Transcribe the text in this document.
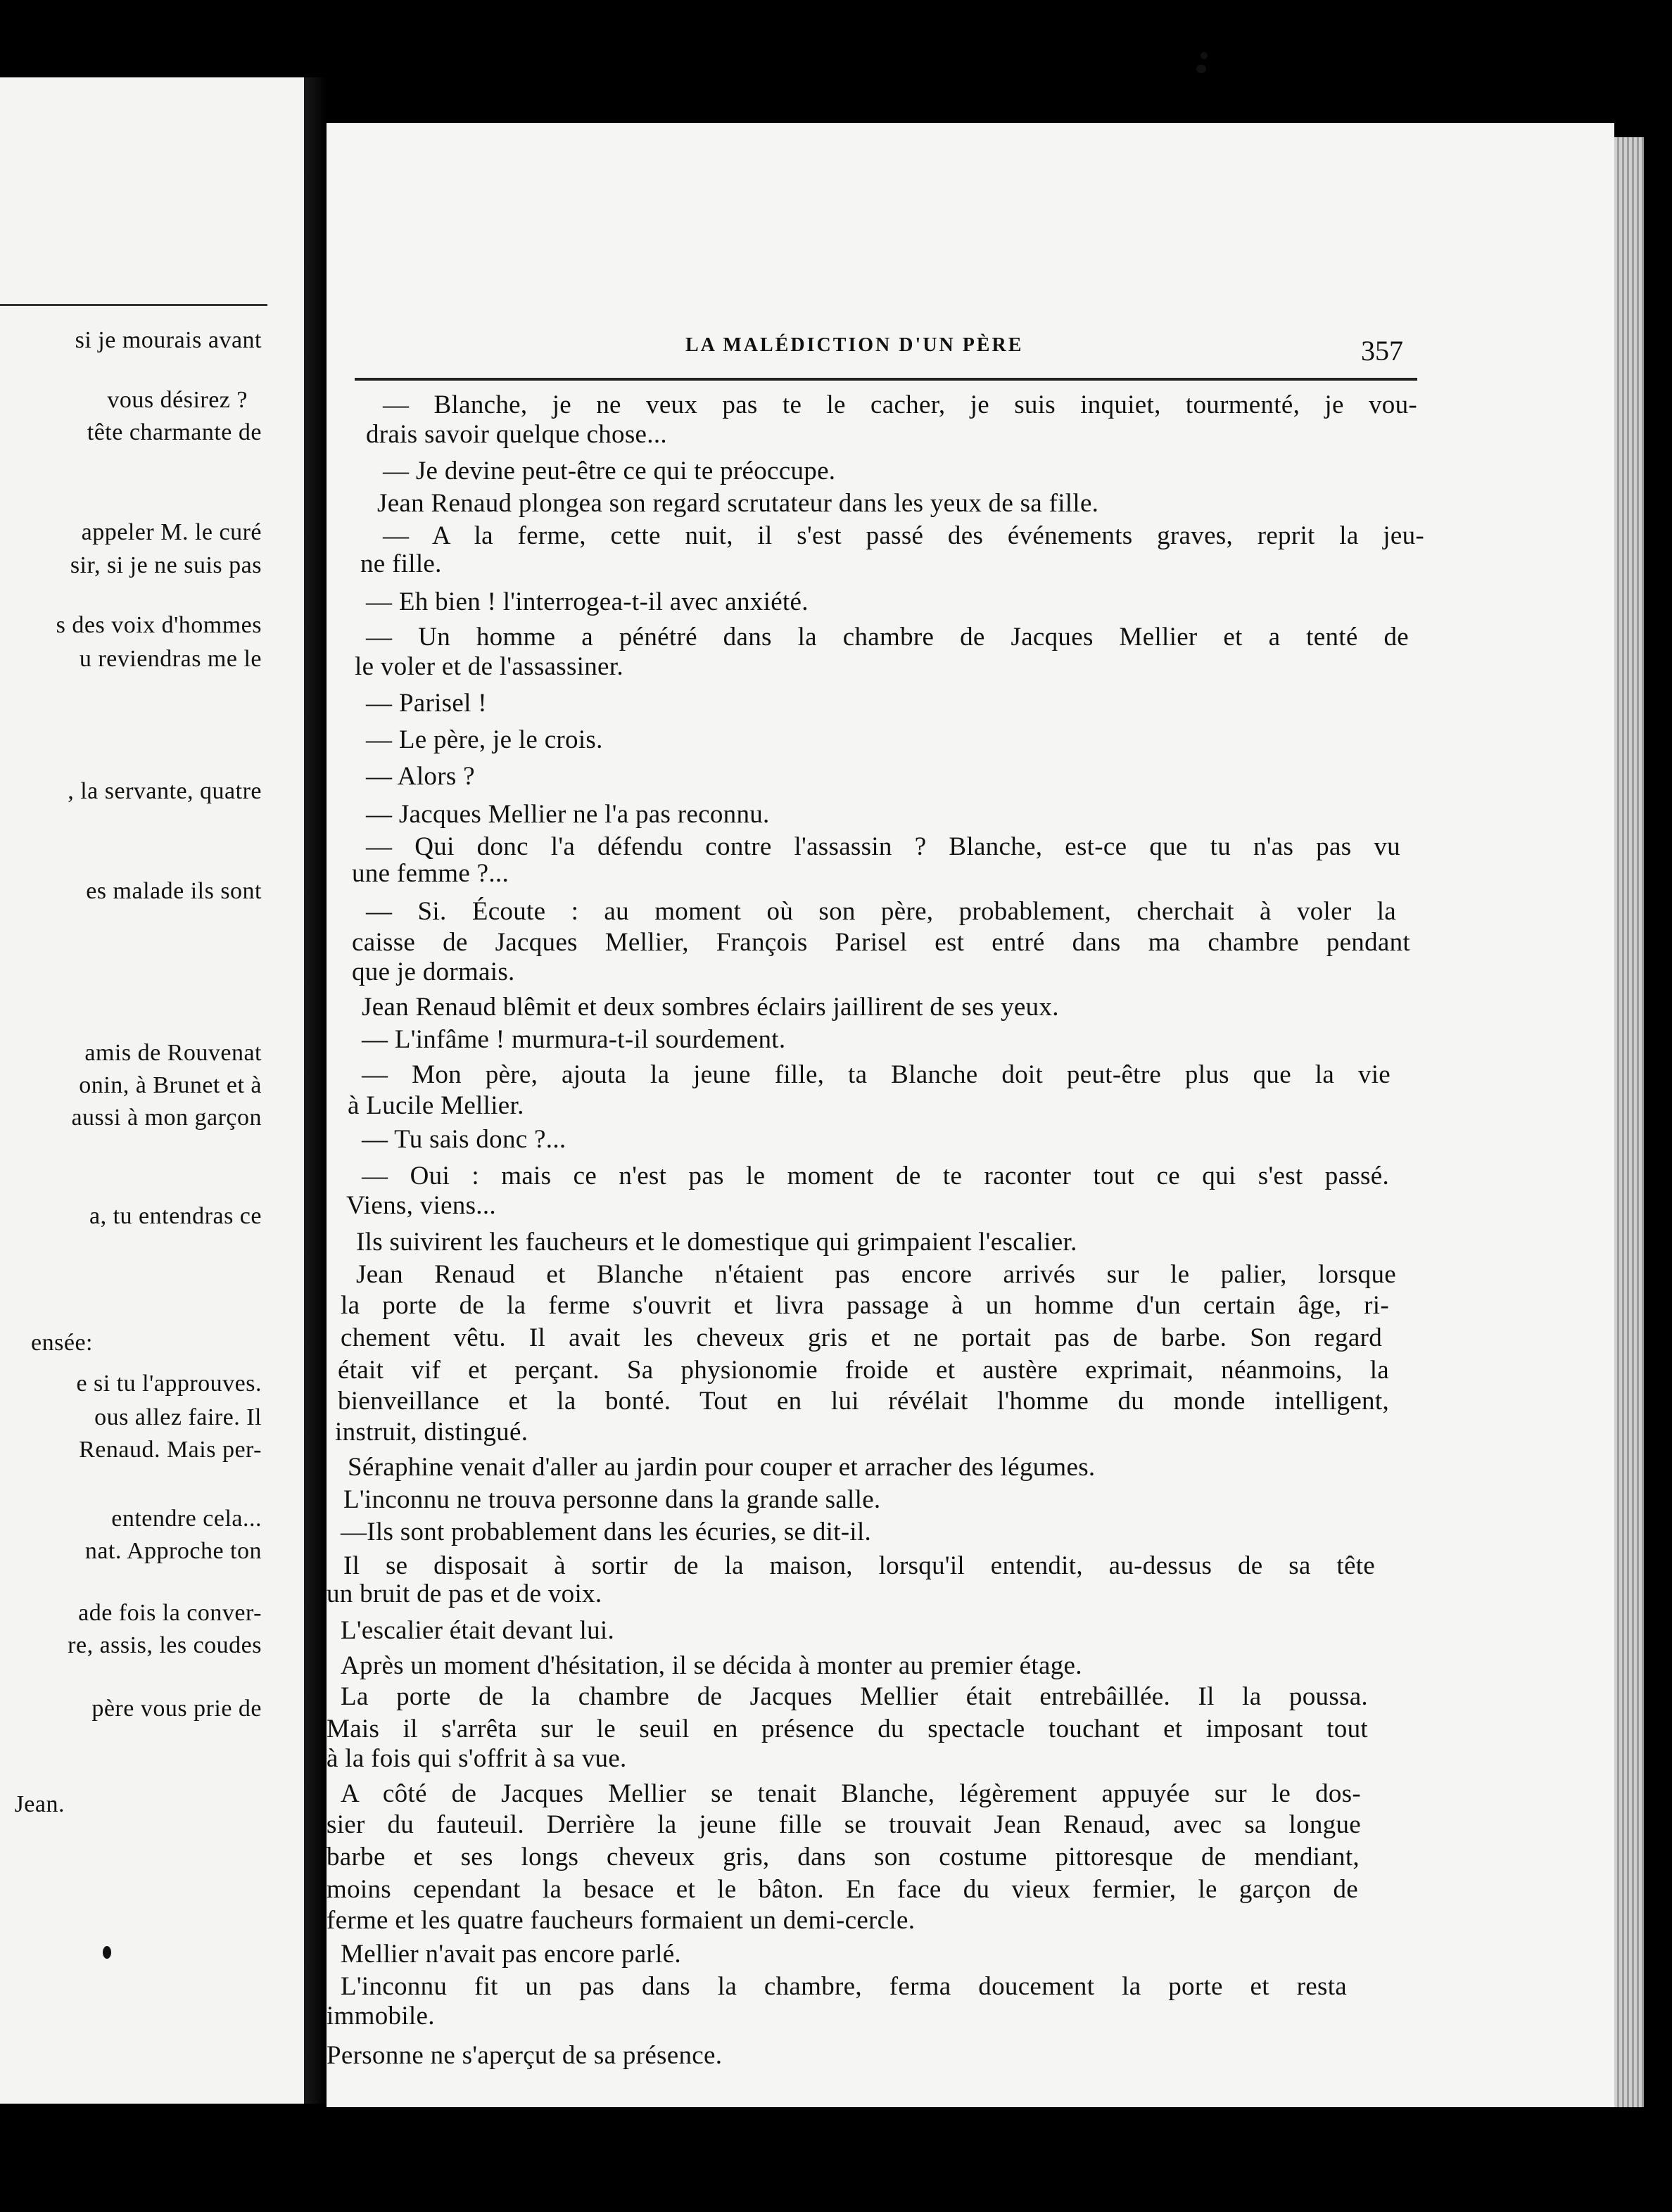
si je mourais avant
vous désirez ?
tête charmante de
appeler M. le curé
sir, si je ne suis pas
s des voix d'hommes
u reviendras me le
, la servante, quatre
es malade ils sont
amis de Rouvenat
onin, à Brunet et à
aussi à mon garçon
a, tu entendras ce
ensée:
e si tu l'approuves.
ous allez faire. Il
Renaud. Mais per-
entendre cela...
nat. Approche ton
ade fois la conver-
re, assis, les coudes
père vous prie de
Jean.
LA MALÉDICTION D'UN PÈRE	357
— Blanche, je ne veux pas te le cacher, je suis inquiet, tourmenté, je vou-
drais savoir quelque chose...
— Je devine peut-être ce qui te préoccupe.
Jean Renaud plongea son regard scrutateur dans les yeux de sa fille.
— A la ferme, cette nuit, il s'est passé des événements graves, reprit la jeu-
ne fille.
— Eh bien ! l'interrogea-t-il avec anxiété.
— Un homme a pénétré dans la chambre de Jacques Mellier et a tenté de
le voler et de l'assassiner.
— Parisel !
— Le père, je le crois.
— Alors ?
— Jacques Mellier ne l'a pas reconnu.
— Qui donc l'a défendu contre l'assassin ? Blanche, est-ce que tu n'as pas vu
une femme ?...
— Si. Écoute : au moment où son père, probablement, cherchait à voler la
caisse de Jacques Mellier, François Parisel est entré dans ma chambre pendant
que je dormais.
Jean Renaud blêmit et deux sombres éclairs jaillirent de ses yeux.
— L'infâme ! murmura-t-il sourdement.
— Mon père, ajouta la jeune fille, ta Blanche doit peut-être plus que la vie
à Lucile Mellier.
— Tu sais donc ?...
— Oui : mais ce n'est pas le moment de te raconter tout ce qui s'est passé.
Viens, viens...
Ils suivirent les faucheurs et le domestique qui grimpaient l'escalier.
Jean Renaud et Blanche n'étaient pas encore arrivés sur le palier, lorsque
la porte de la ferme s'ouvrit et livra passage à un homme d'un certain âge, ri-
chement vêtu. Il avait les cheveux gris et ne portait pas de barbe. Son regard
était vif et perçant. Sa physionomie froide et austère exprimait, néanmoins, la
bienveillance et la bonté. Tout en lui révélait l'homme du monde intelligent,
instruit, distingué.
Séraphine venait d'aller au jardin pour couper et arracher des légumes.
L'inconnu ne trouva personne dans la grande salle.
—Ils sont probablement dans les écuries, se dit-il.
Il se disposait à sortir de la maison, lorsqu'il entendit, au-dessus de sa tête
un bruit de pas et de voix.
L'escalier était devant lui.
Après un moment d'hésitation, il se décida à monter au premier étage.
La porte de la chambre de Jacques Mellier était entrebâillée. Il la poussa.
Mais il s'arrêta sur le seuil en présence du spectacle touchant et imposant tout
à la fois qui s'offrit à sa vue.
A côté de Jacques Mellier se tenait Blanche, légèrement appuyée sur le dos-
sier du fauteuil. Derrière la jeune fille se trouvait Jean Renaud, avec sa longue
barbe et ses longs cheveux gris, dans son costume pittoresque de mendiant,
moins cependant la besace et le bâton. En face du vieux fermier, le garçon de
ferme et les quatre faucheurs formaient un demi-cercle.
Mellier n'avait pas encore parlé.
L'inconnu fit un pas dans la chambre, ferma doucement la porte et resta
immobile.
Personne ne s'aperçut de sa présence.
